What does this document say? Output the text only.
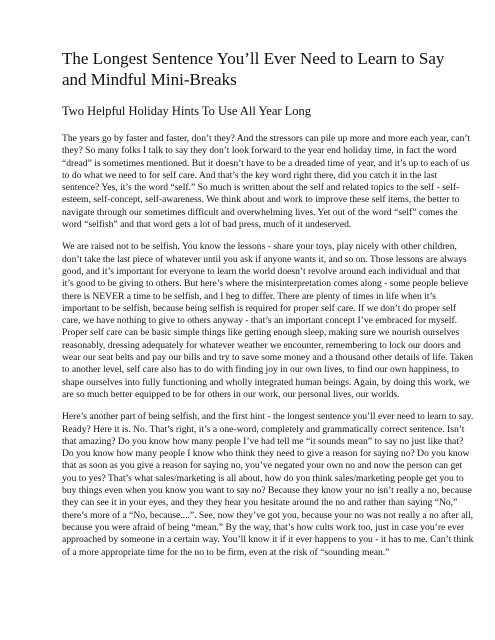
The Longest Sentence You’ll Ever Need to Learn to Say
and Mindful Mini-Breaks
Two Helpful Holiday Hints To Use All Year Long

The years go by faster and faster, don’t they? And the stressors can pile up more and more each year, can’t they? So many folks I talk to say they don’t look forward to the year end holiday time, in fact the word “dread” is sometimes mentioned. But it doesn’t have to be a dreaded time of year, and it’s up to each of us to do what we need to for self care. And that’s the key word right there, did you catch it in the last sentence? Yes, it’s the word “self.” So much is written about the self and related topics to the self - self-esteem, self-concept, self-awareness. We think about and work to improve these self items, the better to navigate through our sometimes difficult and overwhelming lives. Yet out of the word “self” comes the word “selfish” and that word gets a lot of bad press, much of it undeserved.

We are raised not to be selfish. You know the lessons - share your toys, play nicely with other children, don’t take the last piece of whatever until you ask if anyone wants it, and so on. Those lessons are always good, and it’s important for everyone to learn the world doesn’t revolve around each individual and that it’s good to be giving to others. But here’s where the misinterpretation comes along - some people believe there is NEVER a time to be selfish, and I beg to differ. There are plenty of times in life when it’s important to be selfish, because being selfish is required for proper self care. If we don’t do proper self care, we have nothing to give to others anyway - that’s an important concept I’ve embraced for myself. Proper self care can be basic simple things like getting enough sleep, making sure we nourish ourselves reasonably, dressing adequately for whatever weather we encounter, remembering to lock our doors and wear our seat belts and pay our bills and try to save some money and a thousand other details of life. Taken to another level, self care also has to do with finding joy in our own lives, to find our own happiness, to shape ourselves into fully functioning and wholly integrated human beings. Again, by doing this work, we are so much better equipped to be for others in our work, our personal lives, our worlds.

Here’s another part of being selfish, and the first hint - the longest sentence you’ll ever need to learn to say. Ready? Here it is. No. That’s right, it’s a one-word, completely and grammatically correct sentence. Isn’t that amazing? Do you know how many people I’ve had tell me “it sounds mean” to say no just like that? Do you know how many people I know who think they need to give a reason for saying no? Do you know that as soon as you give a reason for saying no, you’ve negated your own no and now the person can get you to yes? That’s what sales/marketing is all about, how do you think sales/marketing people get you to buy things even when you know you want to say no? Because they know your no isn’t really a no, because they can see it in your eyes, and they they hear you hesitate around the no and rather than saying “No,” there’s more of a “No, because....”. See, now they’ve got you, because your no was not really a no after all, because you were afraid of being “mean.” By the way, that’s how cults work too, just in case you’re ever approached by someone in a certain way. You’ll know it if it ever happens to you - it has to me. Can’t think of a more appropriate time for the no to be firm, even at the risk of “sounding mean.”
